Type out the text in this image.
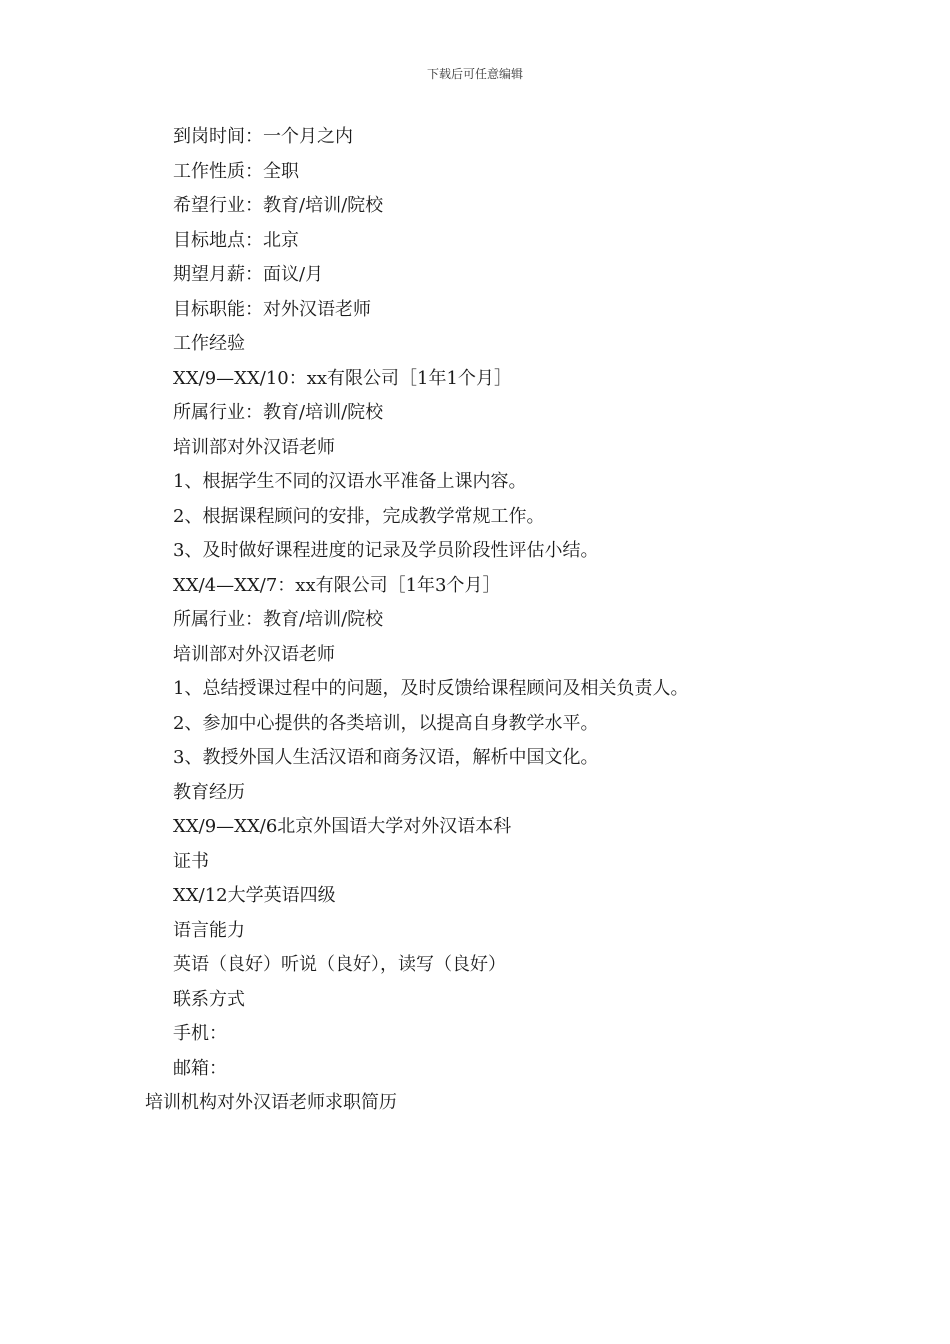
下载后可任意编辑
到岗时间：一个月之内
工作性质：全职
希望行业：教育/培训/院校
目标地点：北京
期望月薪：面议/月
目标职能：对外汉语老师
工作经验
XX/9—XX/10：xx有限公司［1年1个月］
所属行业：教育/培训/院校
培训部对外汉语老师
1、根据学生不同的汉语水平准备上课内容。
2、根据课程顾问的安排，完成教学常规工作。
3、及时做好课程进度的记录及学员阶段性评估小结。
XX/4—XX/7：xx有限公司［1年3个月］
所属行业：教育/培训/院校
培训部对外汉语老师
1、总结授课过程中的问题，及时反馈给课程顾问及相关负责人。
2、参加中心提供的各类培训，以提高自身教学水平。
3、教授外国人生活汉语和商务汉语，解析中国文化。
教育经历
XX/9—XX/6北京外国语大学对外汉语本科
证书
XX/12大学英语四级
语言能力
英语（良好）听说（良好），读写（良好）
联系方式
手机：
邮箱：
培训机构对外汉语老师求职简历
